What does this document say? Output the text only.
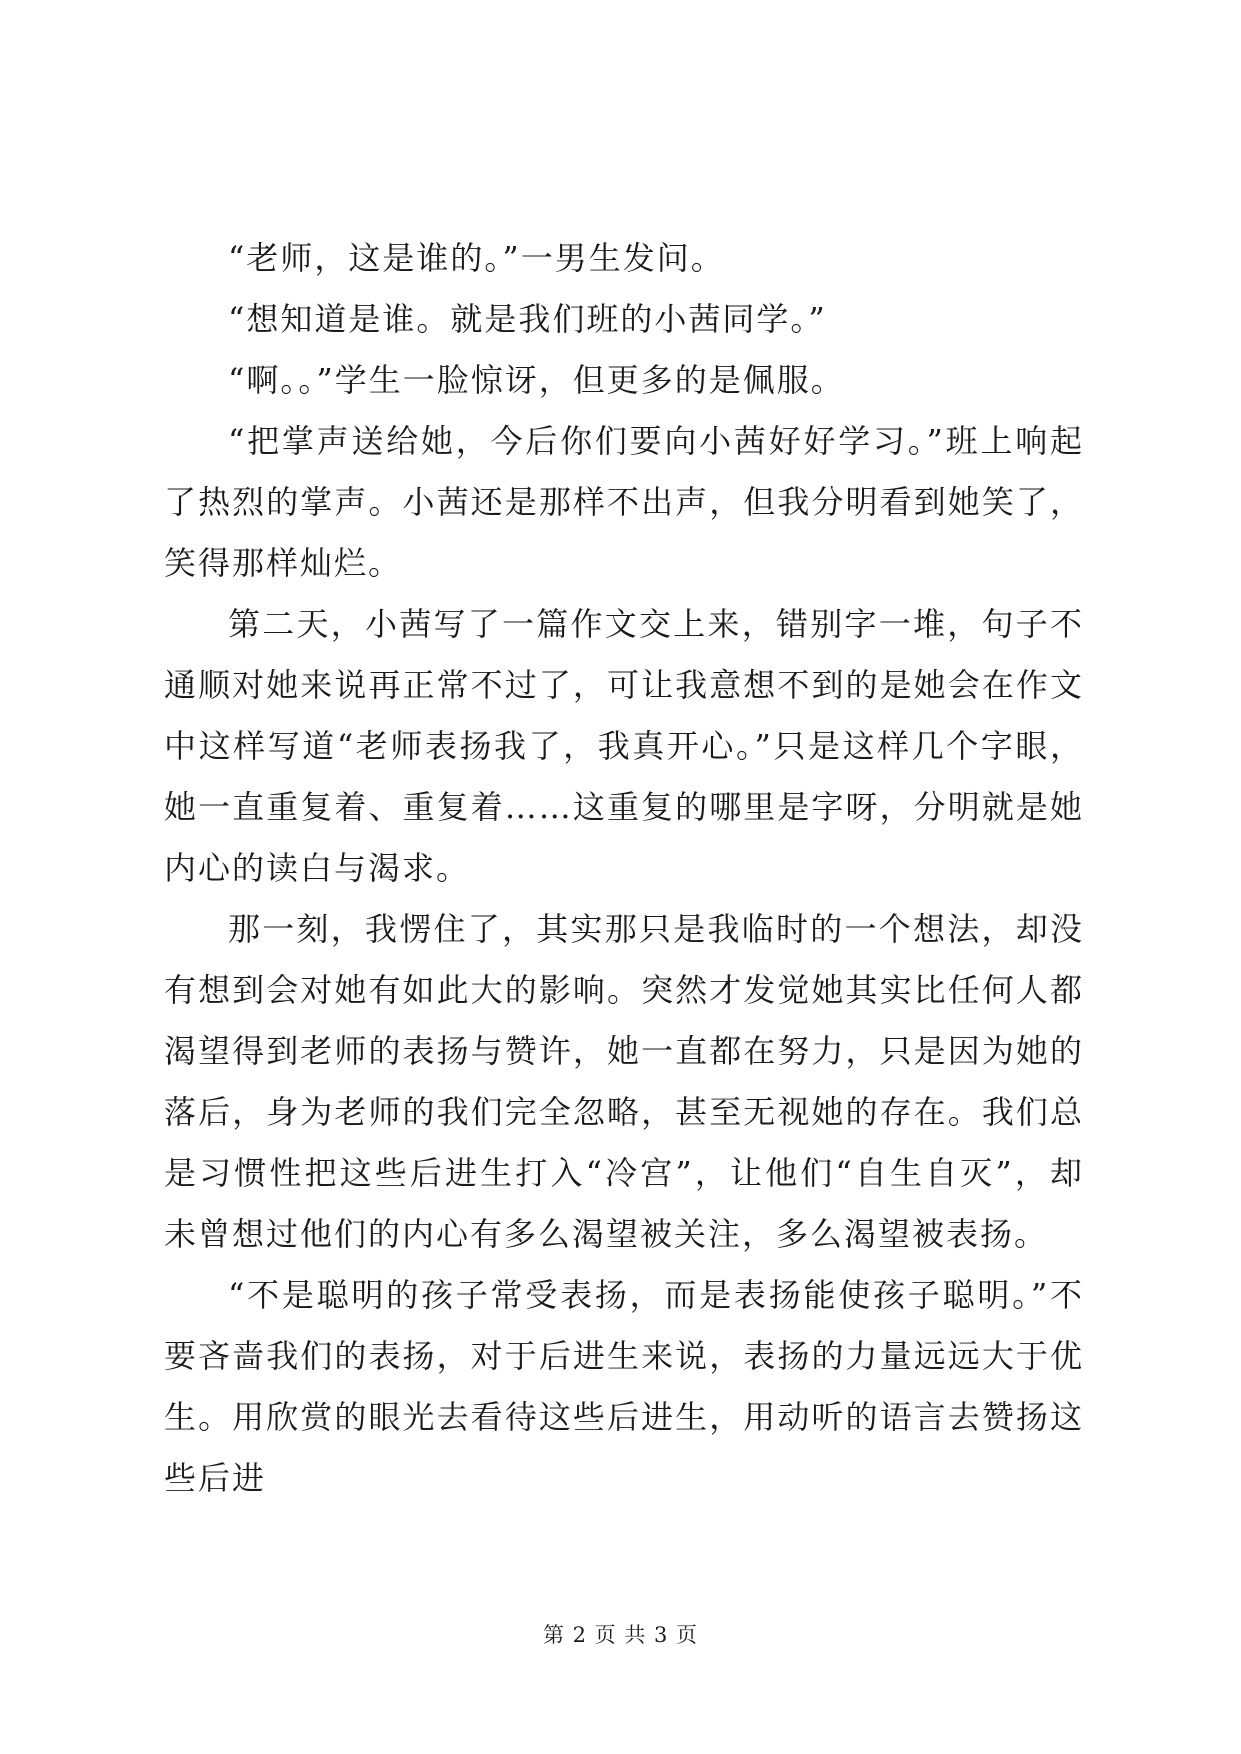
“老师，这是谁的。”一男生发问。

“想知道是谁。就是我们班的小茜同学。”

“啊。。”学生一脸惊讶，但更多的是佩服。

“把掌声送给她，今后你们要向小茜好好学习。”班上响起了热烈的掌声。小茜还是那样不出声，但我分明看到她笑了，笑得那样灿烂。

第二天，小茜写了一篇作文交上来，错别字一堆，句子不通顺对她来说再正常不过了，可让我意想不到的是她会在作文中这样写道“老师表扬我了，我真开心。”只是这样几个字眼，她一直重复着、重复着……这重复的哪里是字呀，分明就是她内心的读白与渴求。

那一刻，我愣住了，其实那只是我临时的一个想法，却没有想到会对她有如此大的影响。突然才发觉她其实比任何人都渴望得到老师的表扬与赞许，她一直都在努力，只是因为她的落后，身为老师的我们完全忽略，甚至无视她的存在。我们总是习惯性把这些后进生打入“冷宫”，让他们“自生自灭”，却未曾想过他们的内心有多么渴望被关注，多么渴望被表扬。

“不是聪明的孩子常受表扬，而是表扬能使孩子聪明。”不要吝啬我们的表扬，对于后进生来说，表扬的力量远远大于优生。用欣赏的眼光去看待这些后进生，用动听的语言去赞扬这些后进

第 2 页 共 3 页
